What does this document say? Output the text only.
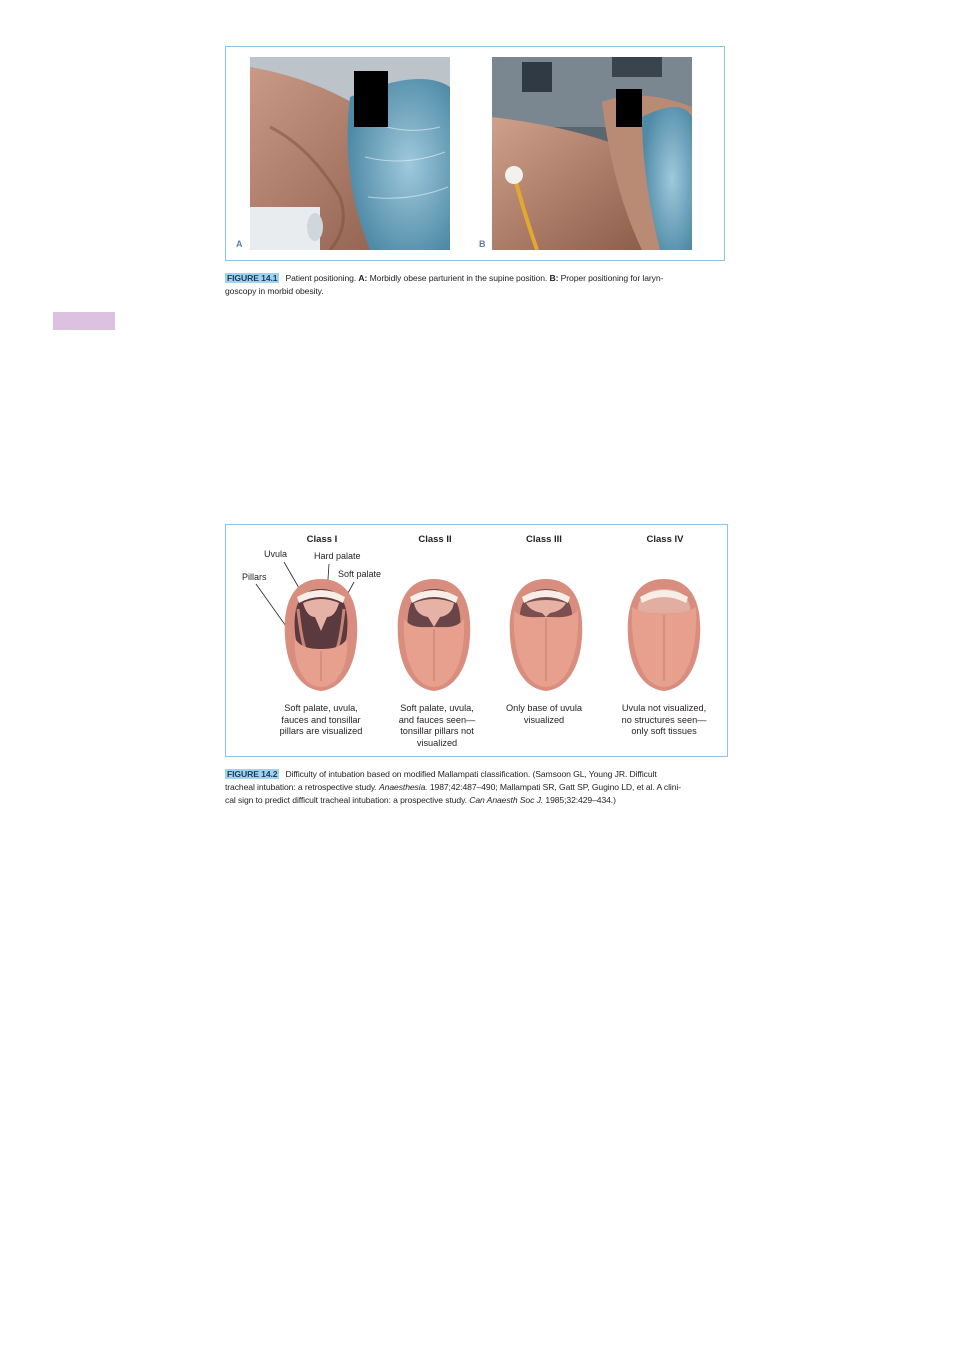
A	B
FIGURE 14.1 Patient positioning. A: Morbidly obese parturient in the supine position. B: Proper positioning for laryn-
goscopy in morbid obesity.
Class I	Class II	Class III	Class IV
Uvula	Hard palate
Soft palate
Pillars
Soft palate, uvula,
fauces and tonsillar
pillars are visualized
Soft palate, uvula,
and fauces seen—
tonsillar pillars not
visualized
Only base of uvula
visualized
Uvula not visualized,
no structures seen—
only soft tissues
FIGURE 14.2 Difficulty of intubation based on modified Mallampati classification. (Samsoon GL, Young JR. Difficult
tracheal intubation: a retrospective study. Anaesthesia. 1987;42:487–490; Mallampati SR, Gatt SP, Gugino LD, et al. A clini-
cal sign to predict difficult tracheal intubation: a prospective study. Can Anaesth Soc J. 1985;32:429–434.)
